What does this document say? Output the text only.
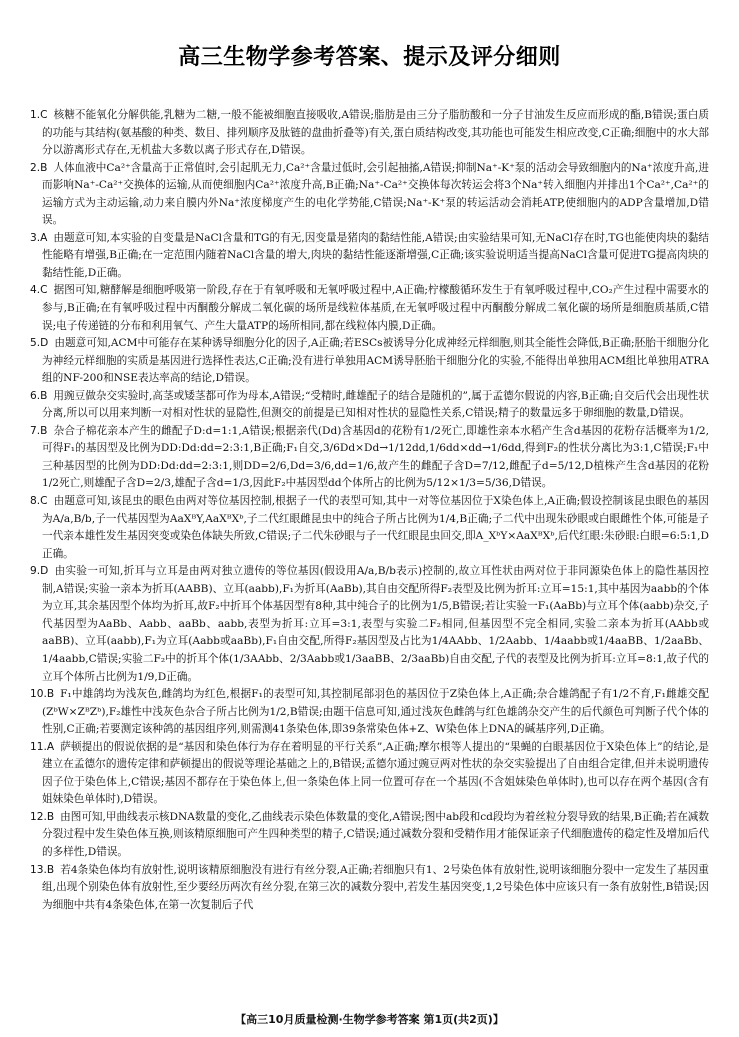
高三生物学参考答案、提示及评分细则

1.C 核糖不能氧化分解供能,乳糖为二糖,一般不能被细胞直接吸收,A错误;脂肪是由三分子脂肪酸和一分子甘油发生反应而形成的酯,B错误;蛋白质的功能与其结构(氨基酸的种类、数目、排列顺序及肽链的盘曲折叠等)有关,蛋白质结构改变,其功能也可能发生相应改变,C正确;细胞中的水大部分以游离形式存在,无机盐大多数以离子形式存在,D错误。

2.B 人体血液中Ca²⁺含量高于正常值时,会引起肌无力,Ca²⁺含量过低时,会引起抽搐,A错误;抑制Na⁺-K⁺泵的活动会导致细胞内的Na⁺浓度升高,进而影响Na⁺-Ca²⁺交换体的运输,从而使细胞内Ca²⁺浓度升高,B正确;Na⁺-Ca²⁺交换体每次转运会将3个Na⁺转入细胞内并排出1个Ca²⁺,Ca²⁺的运输方式为主动运输,动力来自膜内外Na⁺浓度梯度产生的电化学势能,C错误;Na⁺-K⁺泵的转运活动会消耗ATP,使细胞内的ADP含量增加,D错误。

3.A 由题意可知,本实验的自变量是NaCl含量和TG的有无,因变量是猪肉的黏结性能,A错误;由实验结果可知,无NaCl存在时,TG也能使肉块的黏结性能略有增强,B正确;在一定范围内随着NaCl含量的增大,肉块的黏结性能逐渐增强,C正确;该实验说明适当提高NaCl含量可促进TG提高肉块的黏结性能,D正确。

4.C 据图可知,糖酵解是细胞呼吸第一阶段,存在于有氧呼吸和无氧呼吸过程中,A正确;柠檬酸循环发生于有氧呼吸过程中,CO₂产生过程中需要水的参与,B正确;在有氧呼吸过程中丙酮酸分解成二氧化碳的场所是线粒体基质,在无氧呼吸过程中丙酮酸分解成二氧化碳的场所是细胞质基质,C错误;电子传递链的分布和利用氧气、产生大量ATP的场所相同,都在线粒体内膜,D正确。

5.D 由题意可知,ACM中可能存在某种诱导细胞分化的因子,A正确;若ESCs被诱导分化成神经元样细胞,则其全能性会降低,B正确;胚胎干细胞分化为神经元样细胞的实质是基因进行选择性表达,C正确;没有进行单独用ACM诱导胚胎干细胞分化的实验,不能得出单独用ACM组比单独用ATRA组的NF-200和NSE表达率高的结论,D错误。

6.B 用豌豆做杂交实验时,高茎或矮茎都可作为母本,A错误;“受精时,雌雄配子的结合是随机的”,属于孟德尔假说的内容,B正确;自交后代会出现性状分离,所以可以用来判断一对相对性状的显隐性,但测交的前提是已知相对性状的显隐性关系,C错误;精子的数量远多于卵细胞的数量,D错误。

7.B 杂合子棉花亲本产生的雌配子D:d=1:1,A错误;根据亲代(Dd)含基因d的花粉有1/2死亡,即雄性亲本水稻产生含d基因的花粉存活概率为1/2,可得F₁的基因型及比例为DD:Dd:dd=2:3:1,B正确;F₁自交,3/6Dd×Dd→1/12dd,1/6dd×dd→1/6dd,得到F₂的性状分离比为3:1,C错误;F₁中三种基因型的比例为DD:Dd:dd=2:3:1,则DD=2/6,Dd=3/6,dd=1/6,故产生的雌配子含D=7/12,雌配子d=5/12,D植株产生含d基因的花粉1/2死亡,则雄配子含D=2/3,雄配子含d=1/3,因此F₂中基因型dd个体所占的比例为5/12×1/3=5/36,D错误。

8.C 由题意可知,该昆虫的眼色由两对等位基因控制,根据子一代的表型可知,其中一对等位基因位于X染色体上,A正确;假设控制该昆虫眼色的基因为A/a,B/b,子一代基因型为AaXᴮY,AaXᴮXᵇ,子二代红眼雌昆虫中的纯合子所占比例为1/4,B正确;子二代中出现朱砂眼或白眼雌性个体,可能是子一代亲本雄性发生基因突变或染色体缺失所致,C错误;子二代朱砂眼与子一代红眼昆虫回交,即A_XᵇY×AaXᴮXᵇ,后代红眼:朱砂眼:白眼=6:5:1,D正确。

9.D 由实验一可知,折耳与立耳是由两对独立遗传的等位基因(假设用A/a,B/b表示)控制的,故立耳性状由两对位于非同源染色体上的隐性基因控制,A错误;实验一亲本为折耳(AABB)、立耳(aabb),F₁为折耳(AaBb),其自由交配所得F₂表型及比例为折耳:立耳=15:1,其中基因为aabb的个体为立耳,其余基因型个体均为折耳,故F₂中折耳个体基因型有8种,其中纯合子的比例为1/5,B错误;若让实验一F₁(AaBb)与立耳个体(aabb)杂交,子代基因型为AaBb、Aabb、aaBb、aabb,表型为折耳:立耳=3:1,表型与实验二F₂相同,但基因型不完全相同,实验二亲本为折耳(AAbb或aaBB)、立耳(aabb),F₁为立耳(Aabb或aaBb),F₁自由交配,所得F₂基因型及占比为1/4AAbb、1/2Aabb、1/4aabb或1/4aaBB、1/2aaBb、1/4aabb,C错误;实验二F₂中的折耳个体(1/3AAbb、2/3Aabb或1/3aaBB、2/3aaBb)自由交配,子代的表型及比例为折耳:立耳=8:1,故子代的立耳个体所占比例为1/9,D正确。

10.B F₁中雄鸽均为浅灰色,雌鸽均为红色,根据F₁的表型可知,其控制尾部羽色的基因位于Z染色体上,A正确;杂合雄鸽配子有1/2不育,F₁雌雄交配(ZᵇW×ZᴮZᵇ),F₂雄性中浅灰色杂合子所占比例为1/2,B错误;由题干信息可知,通过浅灰色雌鸽与红色雄鸽杂交产生的后代颜色可判断子代个体的性别,C正确;若要测定该种鸽的基因组序列,则需测41条染色体,即39条常染色体+Z、W染色体上DNA的碱基序列,D正确。

11.A 萨顿提出的假说依据的是“基因和染色体行为存在着明显的平行关系”,A正确;摩尔根等人提出的“果蝇的白眼基因位于X染色体上”的结论,是建立在孟德尔的遗传定律和萨顿提出的假说等理论基础之上的,B错误;孟德尔通过豌豆两对性状的杂交实验提出了自由组合定律,但并未说明遗传因子位于染色体上,C错误;基因不都存在于染色体上,但一条染色体上同一位置可存在一个基因(不含姐妹染色单体时),也可以存在两个基因(含有姐妹染色单体时),D错误。

12.B 由图可知,甲曲线表示核DNA数量的变化,乙曲线表示染色体数量的变化,A错误;图中ab段和cd段均为着丝粒分裂导致的结果,B正确;若在减数分裂过程中发生染色体互换,则该精原细胞可产生四种类型的精子,C错误;通过减数分裂和受精作用才能保证亲子代细胞遗传的稳定性及增加后代的多样性,D错误。

13.B 若4条染色体均有放射性,说明该精原细胞没有进行有丝分裂,A正确;若细胞只有1、2号染色体有放射性,说明该细胞分裂中一定发生了基因重组,出现个别染色体有放射性,至少要经历两次有丝分裂,在第三次的减数分裂中,若发生基因突变,1,2号染色体中应该只有一条有放射性,B错误;因为细胞中共有4条染色体,在第一次复制后子代

【高三10月质量检测·生物学参考答案 第1页(共2页)】
